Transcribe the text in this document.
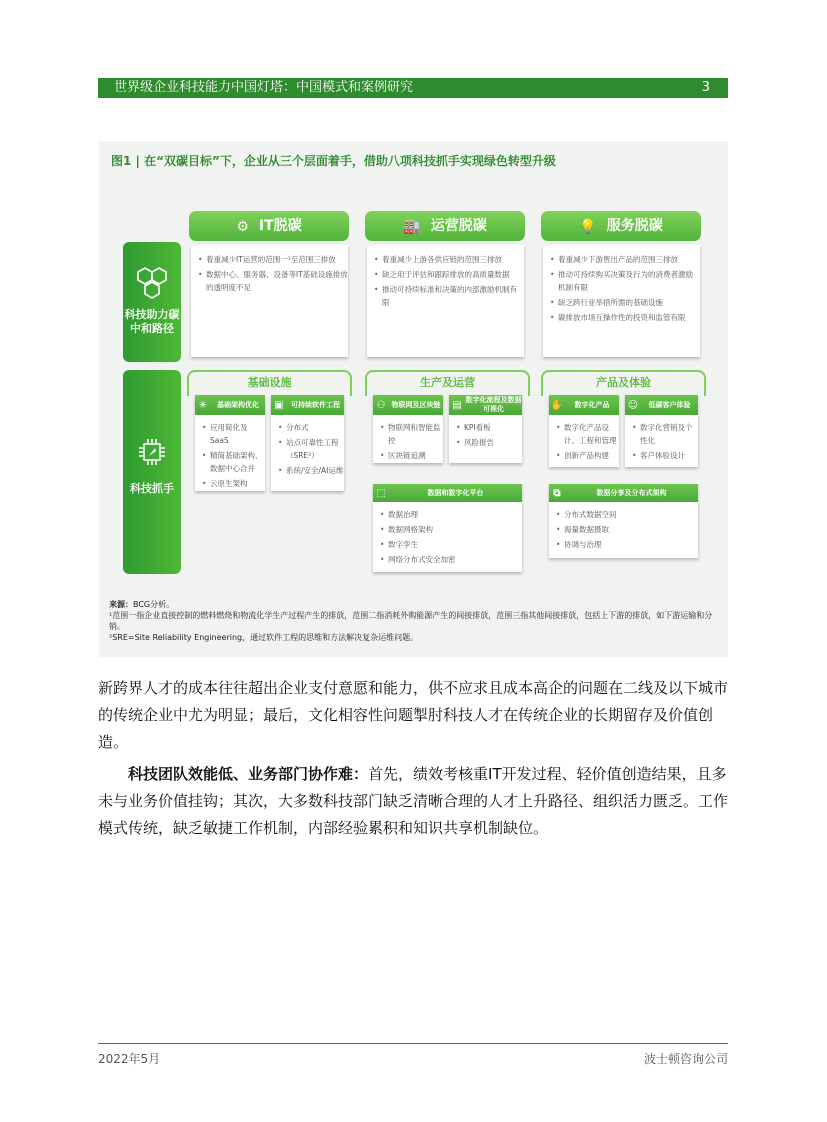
世界级企业科技能力中国灯塔：中国模式和案例研究	3
图1 | 在“双碳目标”下，企业从三个层面着手，借助八项科技抓手实现绿色转型升级
⚙ IT脱碳	🏭 运营脱碳	💡 服务脱碳
科技助力碳中和路径
• 着重减少IT运营的范围一¹至范围三排放
• 数据中心、服务器、设备等IT基础设施排放的透明度不足
• 着重减少上游各供应链的范围三排放
• 缺乏用于评估和跟踪排放的高质量数据
• 推动可持续标准和决策的内部激励机制有限
• 着重减少下游售出产品的范围三排放
• 推动可持续购买决策及行为的消费者激励机制有限
• 缺乏跨行业举措所需的基础设施
• 碳排放市场互操作性的投资和监管有限
科技抓手
基础设施
✳	基础架构优化
• 应用简化及SaaS
• 精简基础架构、数据中心合并
• 云原生架构
▣	可持续软件工程
• 分布式
• 站点可靠性工程（SRE²）
• 系统/安全/AI运维
生产及运营
⚇ 物联网及区块链
• 物联网和智能监控
• 区块链追溯
▤ 数字化流程及数据可视化
• KPI看板
• 风险报告
⬚	数据和数字化平台
• 数据治理
• 数据网格架构
• 数字孪生
• 网络分布式安全加密
产品及体验
✋	数字化产品
• 数字化产品设计、工程和管理
• 创新产品构建
☺	低碳客户体验
• 数字化营销及个性化
• 客户体验设计
⧉	数据分享及分布式架构
• 分布式数据空间
• 海量数据摄取
• 协调与治理
来源：BCG分析。
¹范围一指企业直接控制的燃料燃烧和物流化学生产过程产生的排放，范围二指消耗外购能源产生的间接排放，范围三指其他间接排放，包括上下游的排放，如下游运输和分销。
²SRE=Site Reliability Engineering，通过软件工程的思维和方法解决复杂运维问题。
新跨界人才的成本往往超出企业支付意愿和能力，供不应求且成本高企的问题在二线及以下城市的传统企业中尤为明显；最后，文化相容性问题掣肘科技人才在传统企业的长期留存及价值创造。
科技团队效能低、业务部门协作难：首先，绩效考核重IT开发过程、轻价值创造结果，且多未与业务价值挂钩；其次，大多数科技部门缺乏清晰合理的人才上升路径、组织活力匮乏。工作模式传统，缺乏敏捷工作机制，内部经验累积和知识共享机制缺位。
2022年5月	波士顿咨询公司
